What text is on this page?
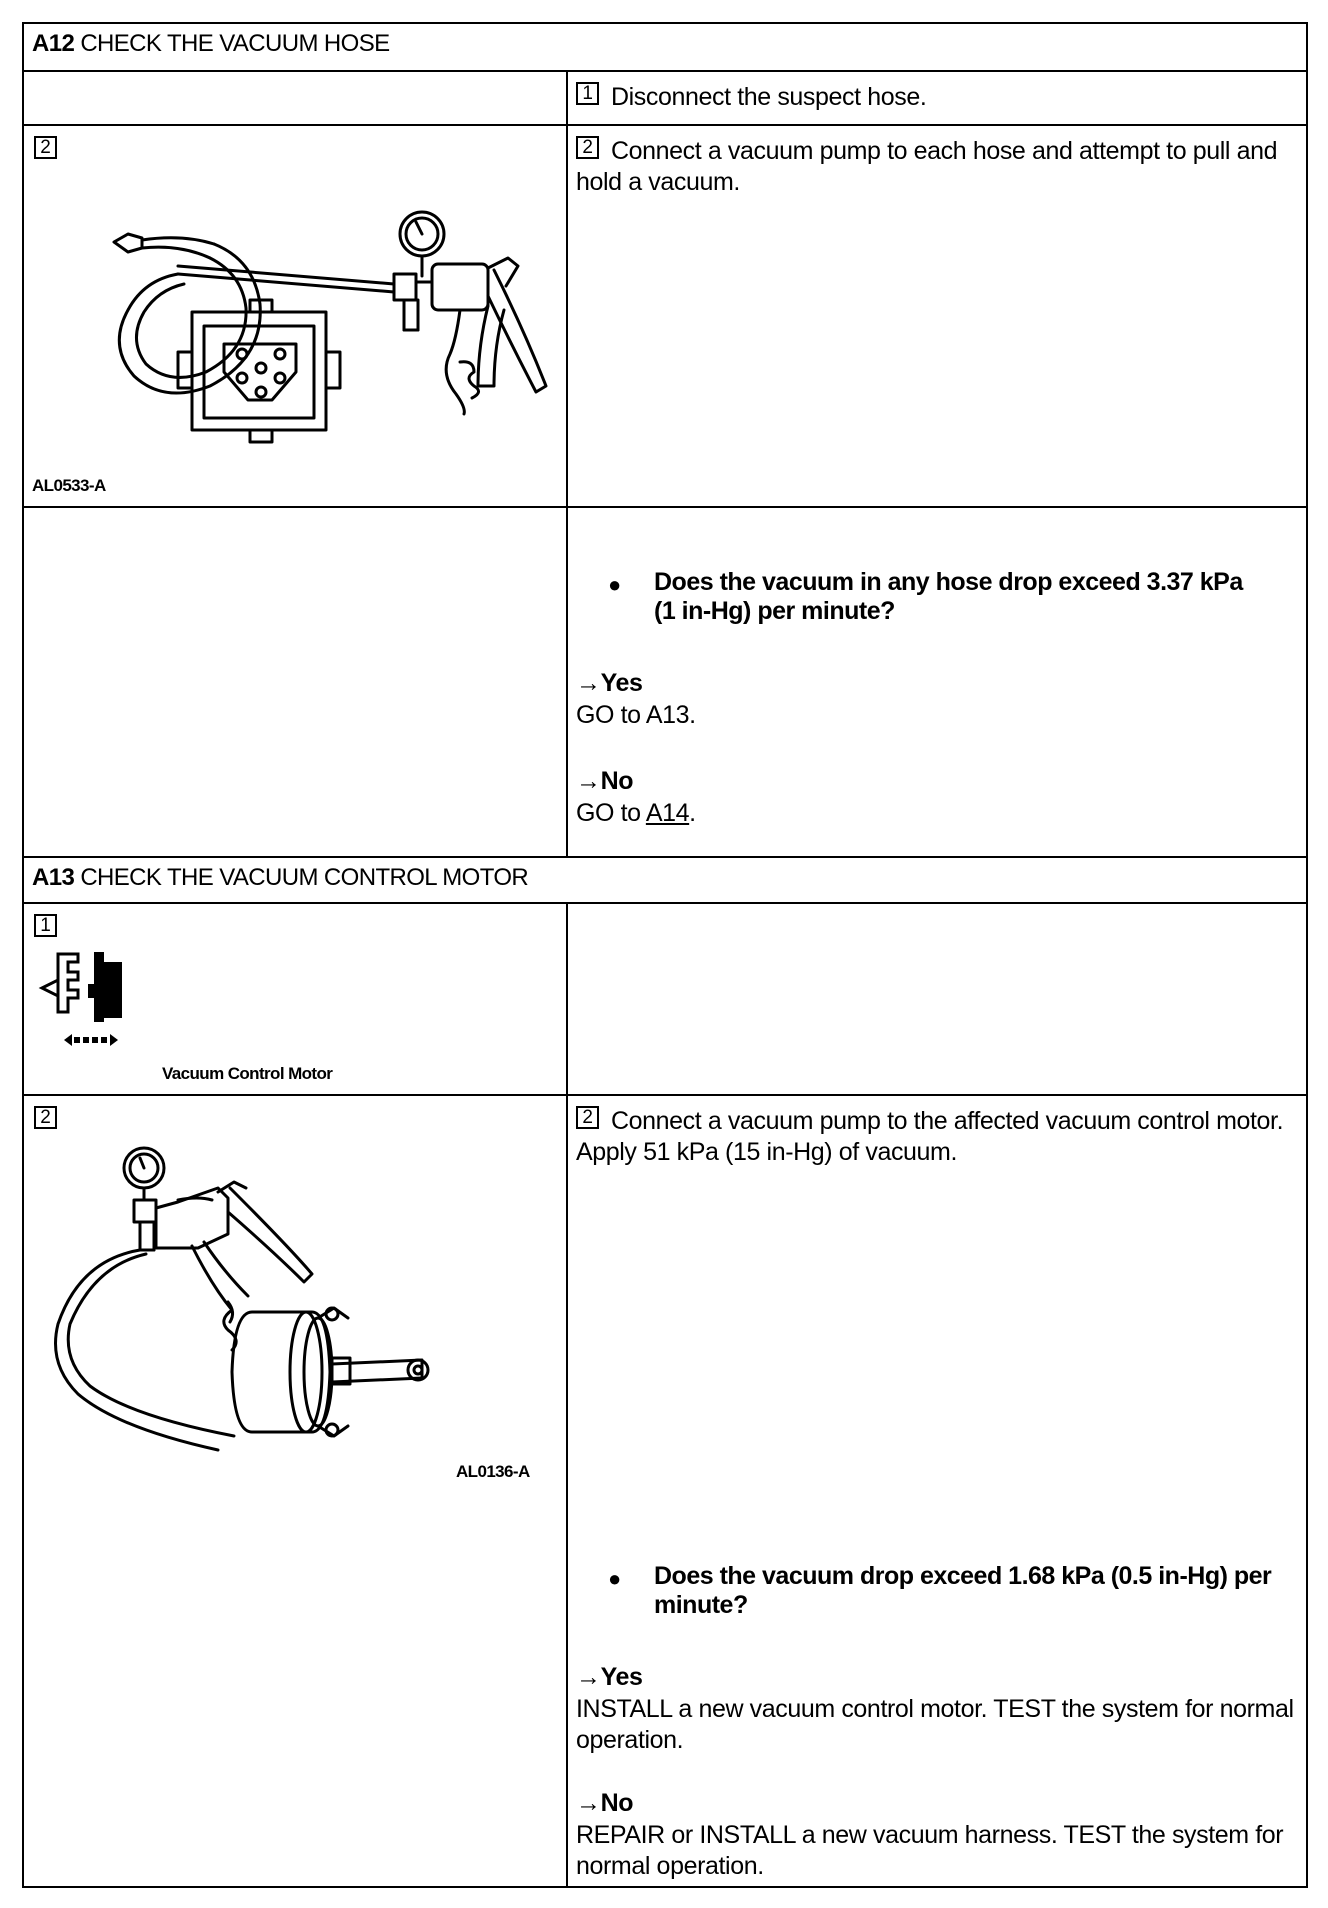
A12 CHECK THE VACUUM HOSE
1 Disconnect the suspect hose.
2
AL0533-A
2 Connect a vacuum pump to each hose and attempt to pull and hold a vacuum.
● Does the vacuum in any hose drop exceed 3.37 kPa (1 in-Hg) per minute?
→Yes
GO to A13.
→No
GO to A14.
A13 CHECK THE VACUUM CONTROL MOTOR
1
Vacuum Control Motor
2
AL0136-A
2 Connect a vacuum pump to the affected vacuum control motor. Apply 51 kPa (15 in-Hg) of vacuum.
● Does the vacuum drop exceed 1.68 kPa (0.5 in-Hg) per minute?
→Yes
INSTALL a new vacuum control motor. TEST the system for normal operation.
→No
REPAIR or INSTALL a new vacuum harness. TEST the system for normal operation.
